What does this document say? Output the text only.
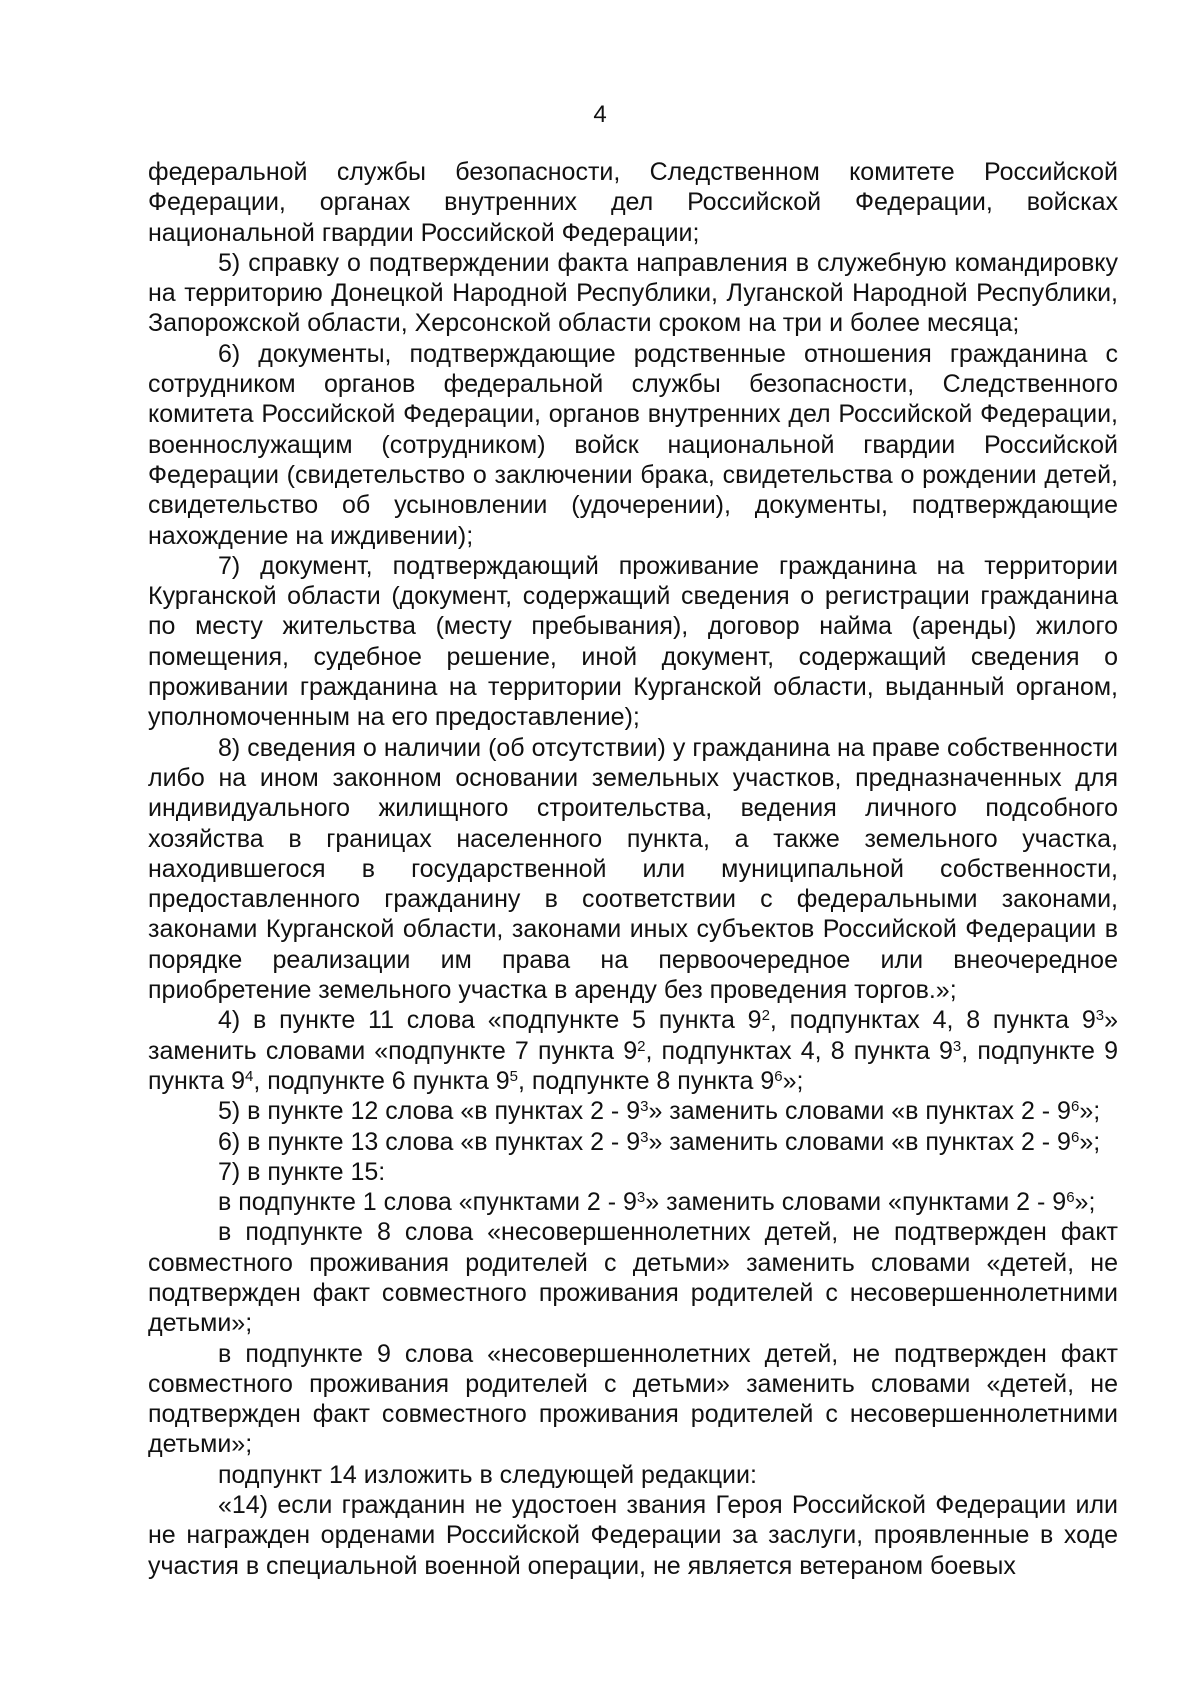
4

федеральной службы безопасности, Следственном комитете Российской Федерации, органах внутренних дел Российской Федерации, войсках национальной гвардии Российской Федерации;

5) справку о подтверждении факта направления в служебную командировку на территорию Донецкой Народной Республики, Луганской Народной Республики, Запорожской области, Херсонской области сроком на три и более месяца;

6) документы, подтверждающие родственные отношения гражданина с сотрудником органов федеральной службы безопасности, Следственного комитета Российской Федерации, органов внутренних дел Российской Федерации, военнослужащим (сотрудником) войск национальной гвардии Российской Федерации (свидетельство о заключении брака, свидетельства о рождении детей, свидетельство об усыновлении (удочерении), документы, подтверждающие нахождение на иждивении);

7) документ, подтверждающий проживание гражданина на территории Курганской области (документ, содержащий сведения о регистрации гражданина по месту жительства (месту пребывания), договор найма (аренды) жилого помещения, судебное решение, иной документ, содержащий сведения о проживании гражданина на территории Курганской области, выданный органом, уполномоченным на его предоставление);

8) сведения о наличии (об отсутствии) у гражданина на праве собственности либо на ином законном основании земельных участков, предназначенных для индивидуального жилищного строительства, ведения личного подсобного хозяйства в границах населенного пункта, а также земельного участка, находившегося в государственной или муниципальной собственности, предоставленного гражданину в соответствии с федеральными законами, законами Курганской области, законами иных субъектов Российской Федерации в порядке реализации им права на первоочередное или внеочередное приобретение земельного участка в аренду без проведения торгов.»;

4) в пункте 11 слова «подпункте 5 пункта $9^2$, подпунктах 4, 8 пункта $9^3$» заменить словами «подпункте 7 пункта $9^2$, подпунктах 4, 8 пункта $9^3$, подпункте 9 пункта $9^4$, подпункте 6 пункта $9^5$, подпункте 8 пункта $9^6$»;

5) в пункте 12 слова «в пунктах $2 - 9^3$» заменить словами «в пунктах $2 - 9^6$»;

6) в пункте 13 слова «в пунктах $2 - 9^3$» заменить словами «в пунктах $2 - 9^6$»;

7) в пункте 15:

в подпункте 1 слова «пунктами $2 - 9^3$» заменить словами «пунктами $2 - 9^6$»;

в подпункте 8 слова «несовершеннолетних детей, не подтвержден факт совместного проживания родителей с детьми» заменить словами «детей, не подтвержден факт совместного проживания родителей с несовершеннолетними детьми»;

в подпункте 9 слова «несовершеннолетних детей, не подтвержден факт совместного проживания родителей с детьми» заменить словами «детей, не подтвержден факт совместного проживания родителей с несовершеннолетними детьми»;

подпункт 14 изложить в следующей редакции:

«14) если гражданин не удостоен звания Героя Российской Федерации или не награжден орденами Российской Федерации за заслуги, проявленные в ходе участия в специальной военной операции, не является ветераном боевых
